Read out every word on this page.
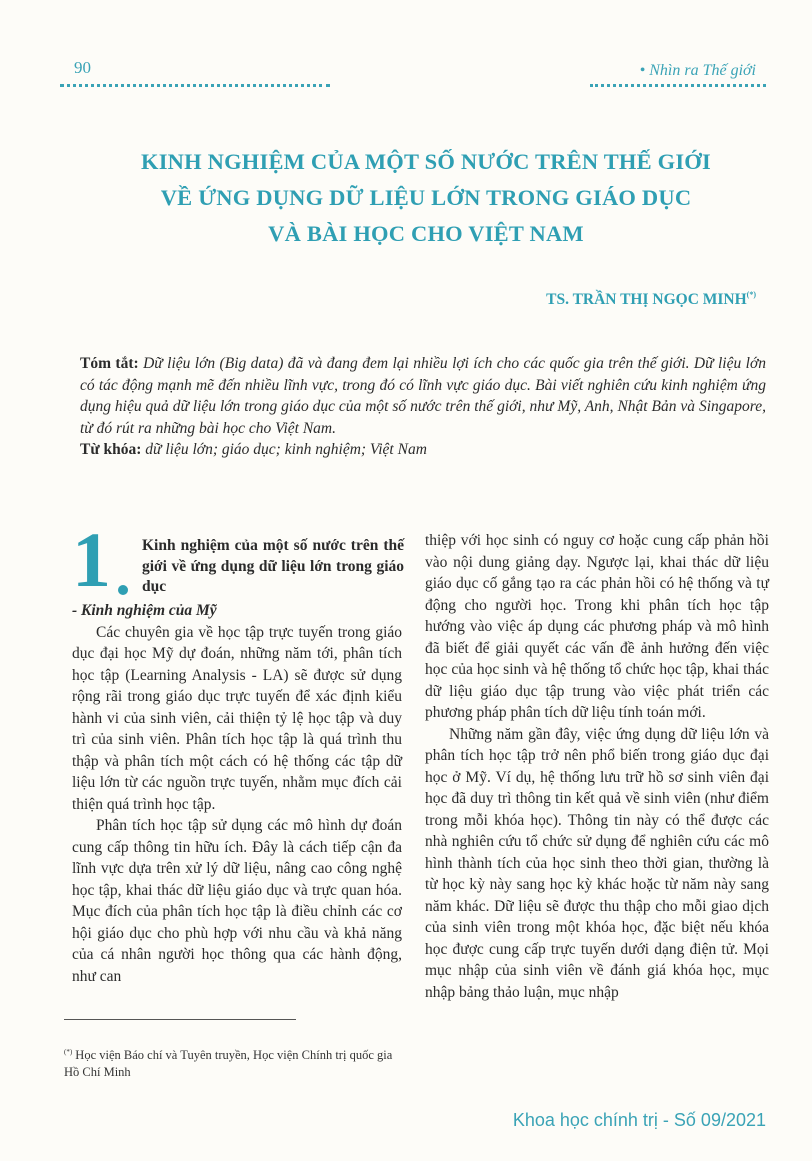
90	• Nhìn ra Thế giới
KINH NGHIỆM CỦA MỘT SỐ NƯỚC TRÊN THẾ GIỚI
VỀ ỨNG DỤNG DỮ LIỆU LỚN TRONG GIÁO DỤC
VÀ BÀI HỌC CHO VIỆT NAM
TS. TRẦN THỊ NGỌC MINH(*)

Tóm tắt: Dữ liệu lớn (Big data) đã và đang đem lại nhiều lợi ích cho các quốc gia trên thế giới. Dữ liệu lớn có tác động mạnh mẽ đến nhiều lĩnh vực, trong đó có lĩnh vực giáo dục. Bài viết nghiên cứu kinh nghiệm ứng dụng hiệu quả dữ liệu lớn trong giáo dục của một số nước trên thế giới, như Mỹ, Anh, Nhật Bản và Singapore, từ đó rút ra những bài học cho Việt Nam.

Từ khóa: dữ liệu lớn; giáo dục; kinh nghiệm; Việt Nam

1 Kinh nghiệm của một số nước trên thế giới về ứng dụng dữ liệu lớn trong giáo dục

- Kinh nghiệm của Mỹ

Các chuyên gia về học tập trực tuyến trong giáo dục đại học Mỹ dự đoán, những năm tới, phân tích học tập (Learning Analysis - LA) sẽ được sử dụng rộng rãi trong giáo dục trực tuyến để xác định kiểu hành vi của sinh viên, cải thiện tỷ lệ học tập và duy trì của sinh viên. Phân tích học tập là quá trình thu thập và phân tích một cách có hệ thống các tập dữ liệu lớn từ các nguồn trực tuyến, nhằm mục đích cải thiện quá trình học tập.

Phân tích học tập sử dụng các mô hình dự đoán cung cấp thông tin hữu ích. Đây là cách tiếp cận đa lĩnh vực dựa trên xử lý dữ liệu, nâng cao công nghệ học tập, khai thác dữ liệu giáo dục và trực quan hóa. Mục đích của phân tích học tập là điều chỉnh các cơ hội giáo dục cho phù hợp với nhu cầu và khả năng của cá nhân người học thông qua các hành động, như can

thiệp với học sinh có nguy cơ hoặc cung cấp phản hồi vào nội dung giảng dạy. Ngược lại, khai thác dữ liệu giáo dục cố gắng tạo ra các phản hồi có hệ thống và tự động cho người học. Trong khi phân tích học tập hướng vào việc áp dụng các phương pháp và mô hình đã biết để giải quyết các vấn đề ảnh hưởng đến việc học của học sinh và hệ thống tổ chức học tập, khai thác dữ liệu giáo dục tập trung vào việc phát triển các phương pháp phân tích dữ liệu tính toán mới.

Những năm gần đây, việc ứng dụng dữ liệu lớn và phân tích học tập trở nên phổ biến trong giáo dục đại học ở Mỹ. Ví dụ, hệ thống lưu trữ hồ sơ sinh viên đại học đã duy trì thông tin kết quả về sinh viên (như điểm trong mỗi khóa học). Thông tin này có thể được các nhà nghiên cứu tổ chức sử dụng để nghiên cứu các mô hình thành tích của học sinh theo thời gian, thường là từ học kỳ này sang học kỳ khác hoặc từ năm này sang năm khác. Dữ liệu sẽ được thu thập cho mỗi giao dịch của sinh viên trong một khóa học, đặc biệt nếu khóa học được cung cấp trực tuyến dưới dạng điện tử. Mọi mục nhập của sinh viên về đánh giá khóa học, mục nhập bảng thảo luận, mục nhập

(*) Học viện Báo chí và Tuyên truyền, Học viện Chính trị quốc gia Hồ Chí Minh
Khoa học chính trị - Số 09/2021
